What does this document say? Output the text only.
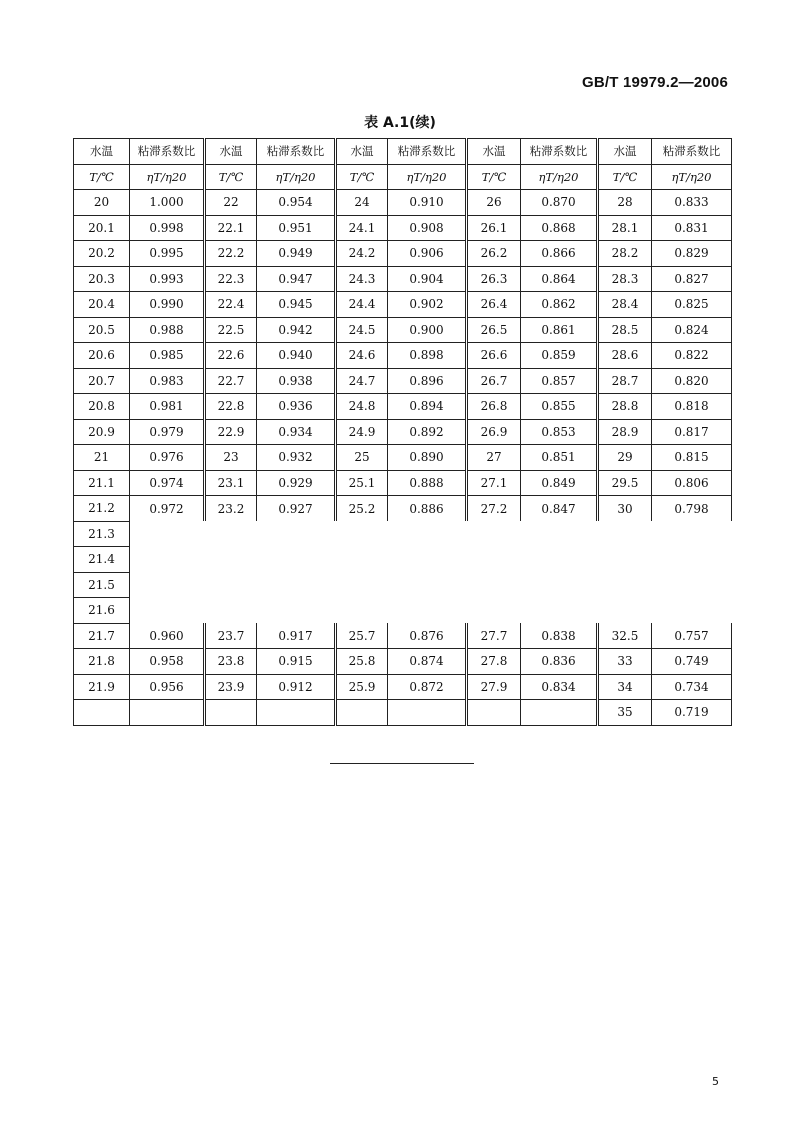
GB/T 19979.2—2006
表 A.1(续)
水温	粘滞系数比	水温	粘滞系数比	水温	粘滞系数比	水温	粘滞系数比	水温	粘滞系数比
T/℃	ηT/η20	T/℃	ηT/η20	T/℃	ηT/η20	T/℃	ηT/η20	T/℃	ηT/η20
20	1.000	22	0.954	24	0.910	26	0.870	28	0.833
20.1	0.998	22.1	0.951	24.1	0.908	26.1	0.868	28.1	0.831
20.2	0.995	22.2	0.949	24.2	0.906	26.2	0.866	28.2	0.829
20.3	0.993	22.3	0.947	24.3	0.904	26.3	0.864	28.3	0.827
20.4	0.990	22.4	0.945	24.4	0.902	26.4	0.862	28.4	0.825
20.5	0.988	22.5	0.942	24.5	0.900	26.5	0.861	28.5	0.824
20.6	0.985	22.6	0.940	24.6	0.898	26.6	0.859	28.6	0.822
20.7	0.983	22.7	0.938	24.7	0.896	26.7	0.857	28.7	0.820
20.8	0.981	22.8	0.936	24.8	0.894	26.8	0.855	28.8	0.818
20.9	0.979	22.9	0.934	24.9	0.892	26.9	0.853	28.9	0.817
21	0.976	23	0.932	25	0.890	27	0.851	29	0.815
21.1	0.974	23.1	0.929	25.1	0.888	27.1	0.849	29.5	0.806
21.2	0.972	23.2	0.927	25.2	0.886	27.2	0.847	30	0.798
21.3									
21.4									
21.5									
21.6									
21.7	0.960	23.7	0.917	25.7	0.876	27.7	0.838	32.5	0.757
21.8	0.958	23.8	0.915	25.8	0.874	27.8	0.836	33	0.749
21.9	0.956	23.9	0.912	25.9	0.872	27.9	0.834	34	0.734
								35	0.719
5
